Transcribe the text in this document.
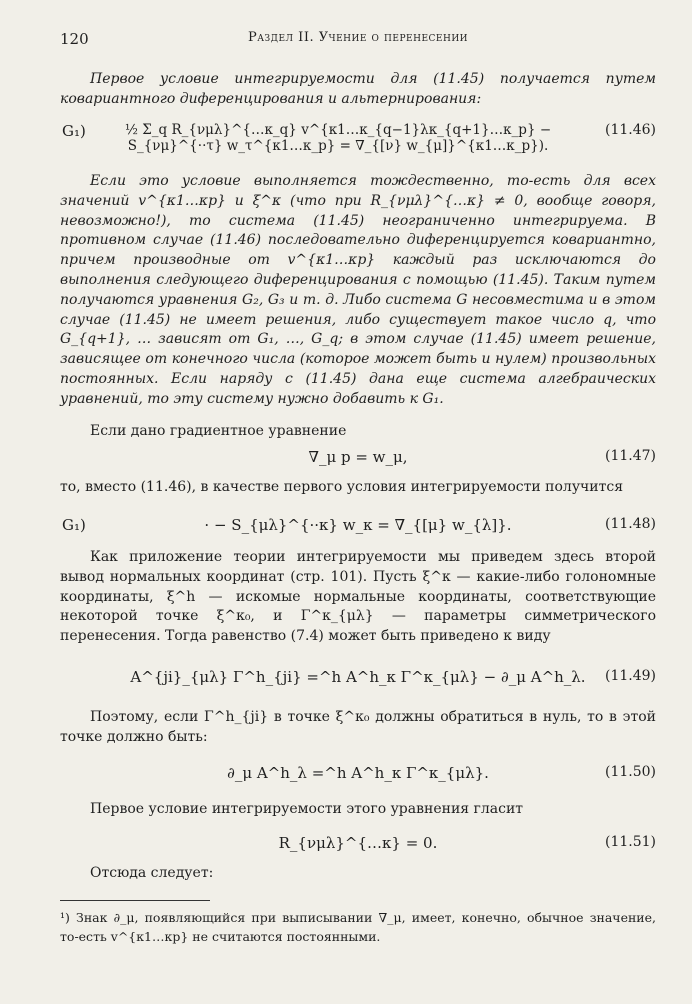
120	Раздел II. Учение о перенесении

Первое условие интегрируемости для (11.45) получается путем ковариантного диференцирования и альтернирования:

G₁)	½ Σ_q R_{νμλ}^{…κ_q} v^{κ1…κ_{q−1}λκ_{q+1}…κ_p} − S_{νμ}^{··τ} w_τ^{κ1…κ_p} = ∇_{[ν} w_{μ]}^{κ1…κ_p}).
(11.46)

Если это условие выполняется тождественно, то-есть для всех значений v^{κ1…κp} и ξ^κ (что при R_{νμλ}^{…κ} ≠ 0, вообще говоря, невозможно!), то система (11.45) неограниченно интегрируема. В противном случае (11.46) последовательно диференцируется ковариантно, причем производные от v^{κ1…κp} каждый раз исключаются до выполнения следующего диференцирования с помощью (11.45). Таким путем получаются уравнения G₂, G₃ и т. д. Либо система G несовместима и в этом случае (11.45) не имеет решения, либо существует такое число q, что G_{q+1}, … зависят от G₁, …, G_q; в этом случае (11.45) имеет решение, зависящее от конечного числа (которое может быть и нулем) произвольных постоянных. Если наряду с (11.45) дана еще система алгебраических уравнений, то эту систему нужно добавить к G₁.

Если дано градиентное уравнение

∇_μ p = w_μ,	(11.47)

то, вместо (11.46), в качестве первого условия интегрируемости получится

G₁)	· − S_{μλ}^{··κ} w_κ = ∇_{[μ} w_{λ]}.	(11.48)

Как приложение теории интегрируемости мы приведем здесь второй вывод нормальных координат (стр. 101). Пусть ξ^κ — какие-либо голономные координаты, ξ^h — искомые нормальные координаты, соответствующие некоторой точке ξ^κ₀, и Γ^κ_{μλ} — параметры симметрического перенесения. Тогда равенство (7.4) может быть приведено к виду

A^{ji}_{μλ} Γ^h_{ji} =^h A^h_κ Γ^κ_{μλ} − ∂_μ A^h_λ.	(11.49)

Поэтому, если Γ^h_{ji} в точке ξ^κ₀ должны обратиться в нуль, то в этой точке должно быть:

∂_μ A^h_λ =^h A^h_κ Γ^κ_{μλ}.	(11.50)

Первое условие интегрируемости этого уравнения гласит

R_{νμλ}^{…κ} = 0.	(11.51)

Отсюда следует:

¹) Знак ∂_μ, появляющийся при выписывании ∇_μ, имеет, конечно, обычное значение, то-есть v^{κ1…κp} не считаются постоянными.
